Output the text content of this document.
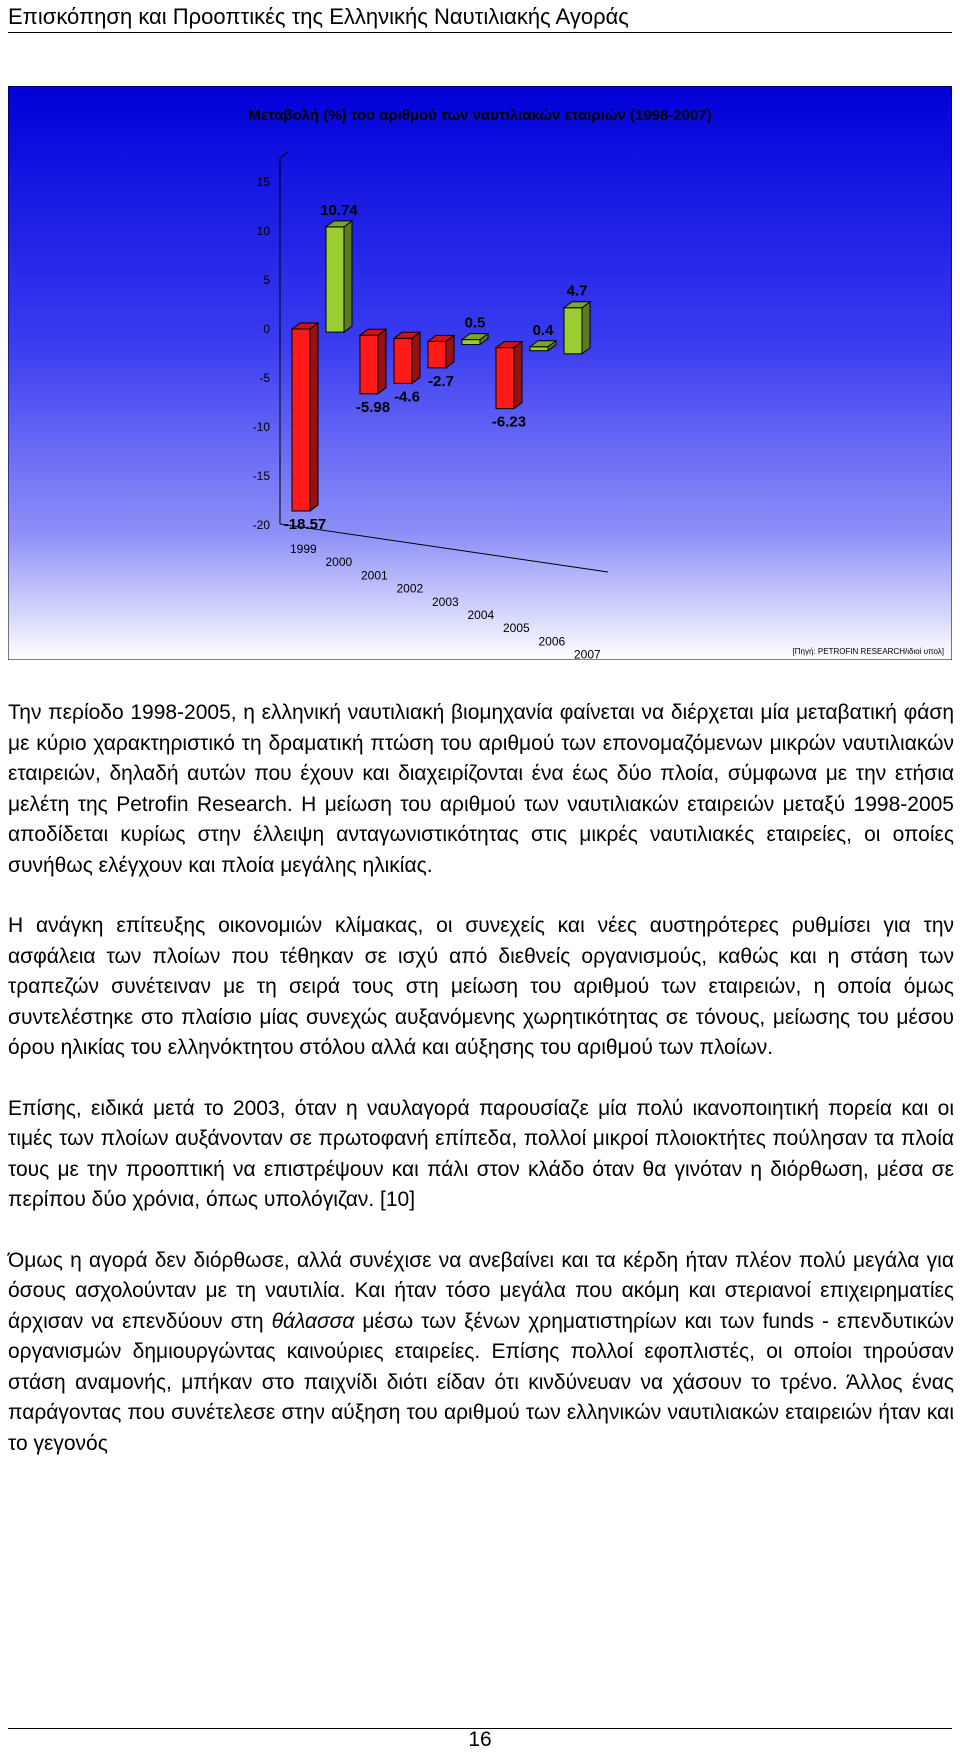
Επισκόπηση και Προοπτικές της Ελληνικής Ναυτιλιακής Αγοράς
Μεταβολή (%) του αριθμού των ναυτιλιακών εταιριών (1998-2007)
15
10
5
0
-5
-10
-15
-20
1999
2000
2001
2002
2003
2004
2005
2006
2007
-18.57
10.74
-5.98
-4.6
-2.7
0.5
-6.23
0.4
4.7
[Πηγή: PETROFIN RESEARCH/ιδιοί υπολ]

Την περίοδο 1998-2005, η ελληνική ναυτιλιακή βιομηχανία φαίνεται να διέρχεται μία μεταβατική φάση με κύριο χαρακτηριστικό τη δραματική πτώση του αριθμού των επονομαζόμενων μικρών ναυτιλιακών εταιρειών, δηλαδή αυτών που έχουν και διαχειρίζονται ένα έως δύο πλοία, σύμφωνα με την ετήσια μελέτη της Petrofin Research. Η μείωση του αριθμού των ναυτιλιακών εταιρειών μεταξύ 1998-2005 αποδίδεται κυρίως στην έλλειψη ανταγωνιστικότητας στις μικρές ναυτιλιακές εταιρείες, οι οποίες συνήθως ελέγχουν και πλοία μεγάλης ηλικίας.

Η ανάγκη επίτευξης οικονομιών κλίμακας, οι συνεχείς και νέες αυστηρότερες ρυθμίσει για την ασφάλεια των πλοίων που τέθηκαν σε ισχύ από διεθνείς οργανισμούς, καθώς και η στάση των τραπεζών συνέτειναν με τη σειρά τους στη μείωση του αριθμού των εταιρειών, η οποία όμως συντελέστηκε στο πλαίσιο μίας συνεχώς αυξανόμενης χωρητικότητας σε τόνους, μείωσης του μέσου όρου ηλικίας του ελληνόκτητου στόλου αλλά και αύξησης του αριθμού των πλοίων.

Επίσης, ειδικά μετά το 2003, όταν η ναυλαγορά παρουσίαζε μία πολύ ικανοποιητική πορεία και οι τιμές των πλοίων αυξάνονταν σε πρωτοφανή επίπεδα, πολλοί μικροί πλοιοκτήτες πούλησαν τα πλοία τους με την προοπτική να επιστρέψουν και πάλι στον κλάδο όταν θα γινόταν η διόρθωση, μέσα σε περίπου δύο χρόνια, όπως υπολόγιζαν. [10]

Όμως η αγορά δεν διόρθωσε, αλλά συνέχισε να ανεβαίνει και τα κέρδη ήταν πλέον πολύ μεγάλα για όσους ασχολούνταν με τη ναυτιλία. Και ήταν τόσο μεγάλα που ακόμη και στεριανοί επιχειρηματίες άρχισαν να επενδύουν στη θάλασσα μέσω των ξένων χρηματιστηρίων και των funds - επενδυτικών οργανισμών δημιουργώντας καινούριες εταιρείες. Επίσης πολλοί εφοπλιστές, οι οποίοι τηρούσαν στάση αναμονής, μπήκαν στο παιχνίδι διότι είδαν ότι κινδύνευαν να χάσουν το τρένο. Άλλος ένας παράγοντας που συνέτελεσε στην αύξηση του αριθμού των ελληνικών ναυτιλιακών εταιρειών ήταν και το γεγονός

16
